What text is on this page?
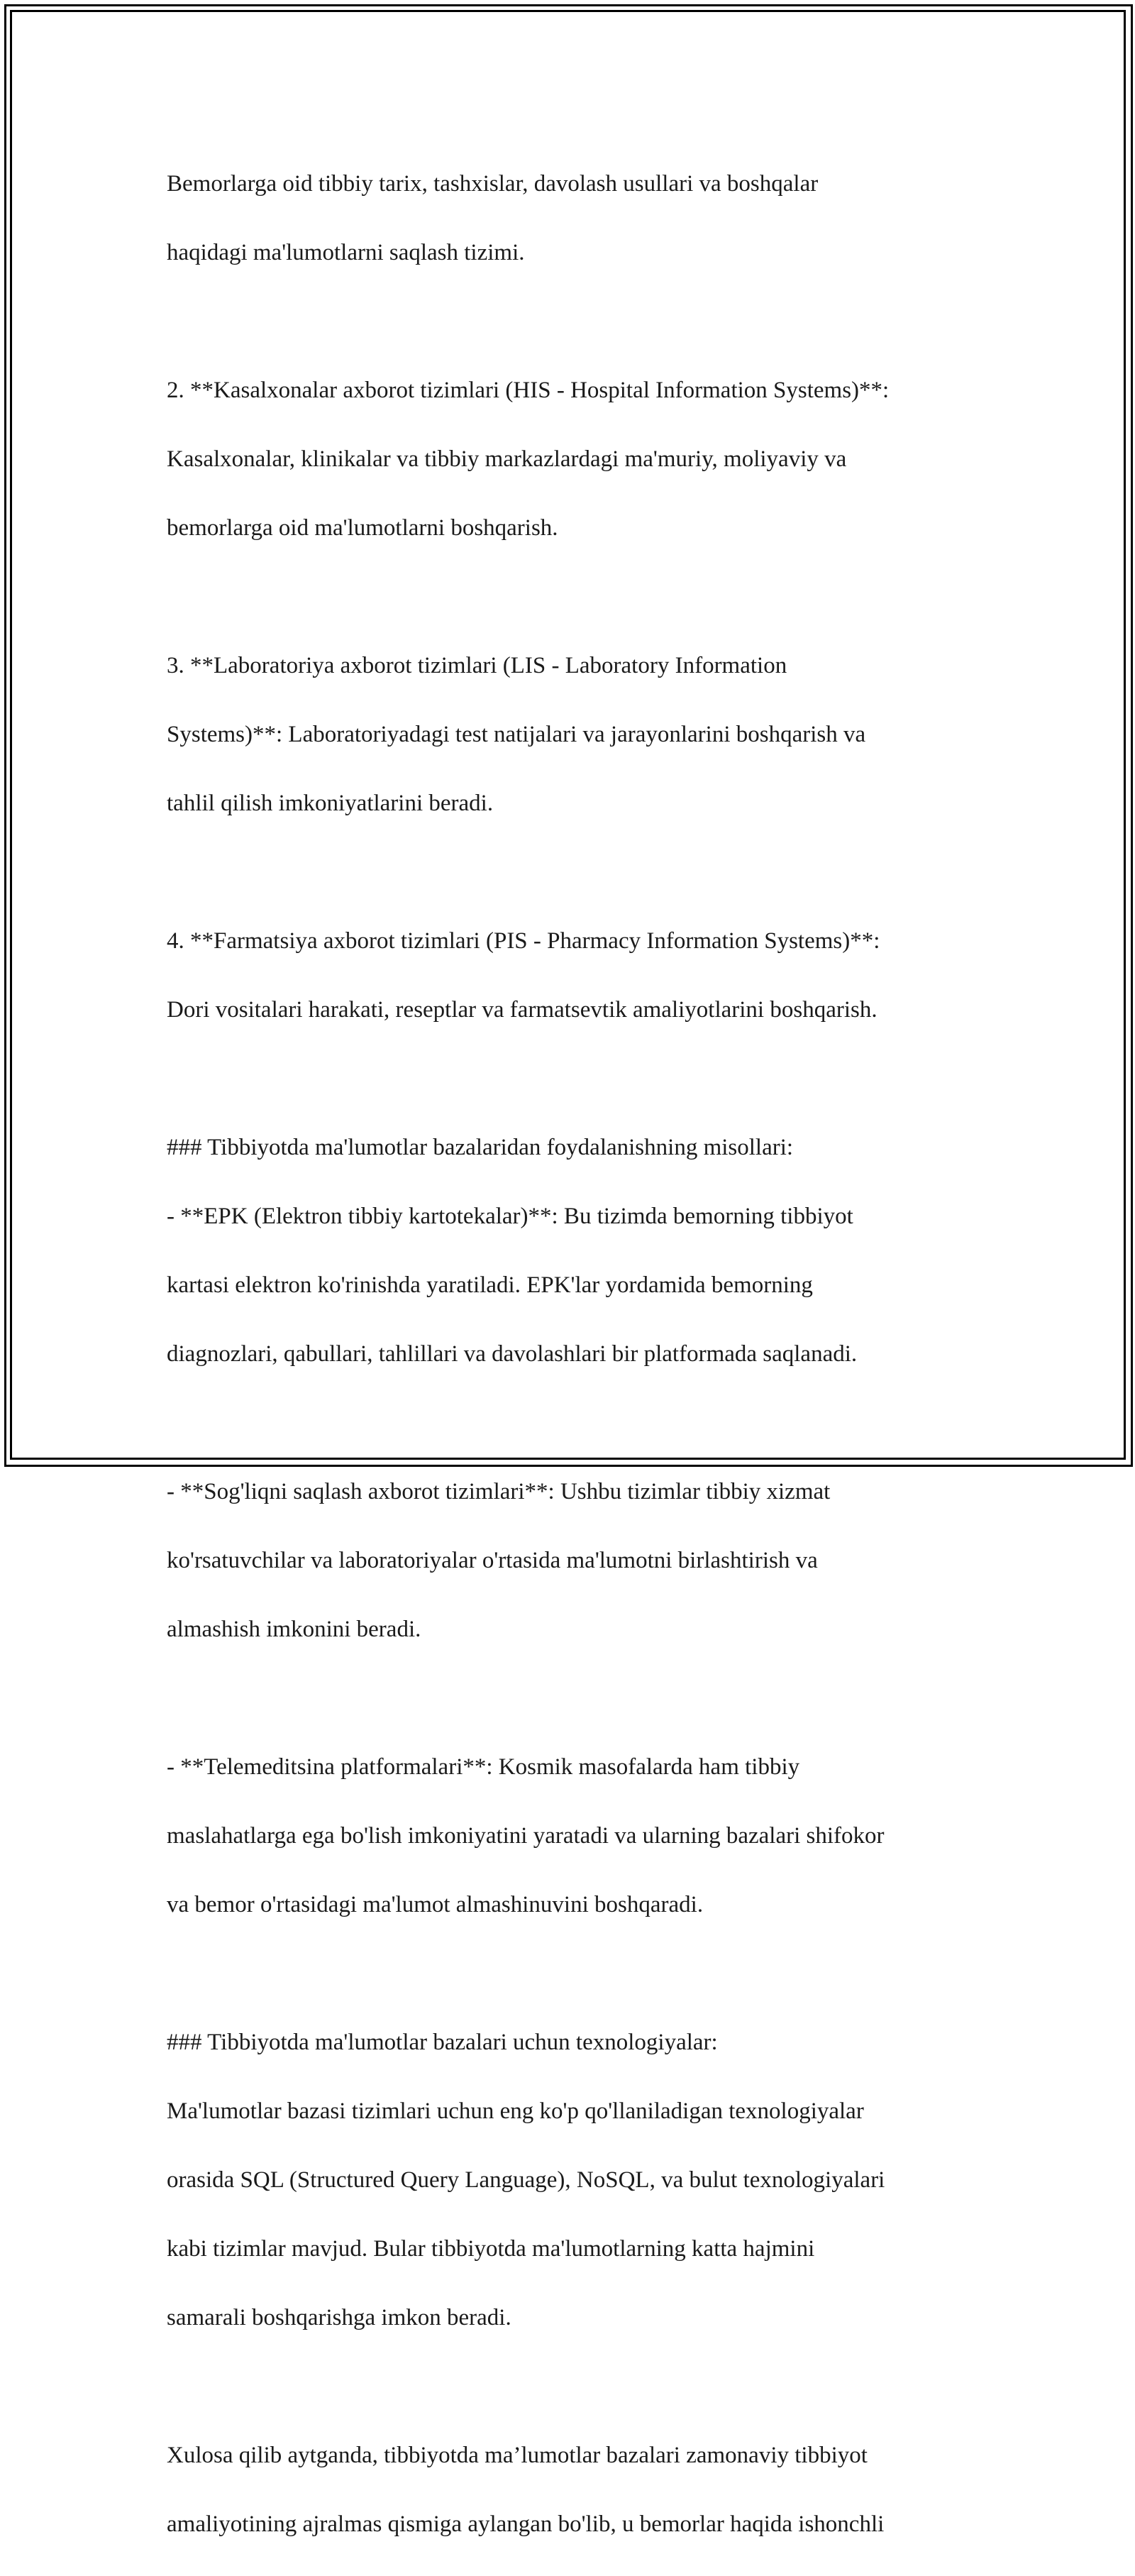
Bemorlarga oid tibbiy tarix, tashxislar, davolash usullari va boshqalar

haqidagi ma'lumotlarni saqlash tizimi.

2. **Kasalxonalar axborot tizimlari (HIS - Hospital Information Systems)**:

Kasalxonalar, klinikalar va tibbiy markazlardagi ma'muriy, moliyaviy va

bemorlarga oid ma'lumotlarni boshqarish.

3. **Laboratoriya axborot tizimlari (LIS - Laboratory Information

Systems)**: Laboratoriyadagi test natijalari va jarayonlarini boshqarish va

tahlil qilish imkoniyatlarini beradi.

4. **Farmatsiya axborot tizimlari (PIS - Pharmacy Information Systems)**:

Dori vositalari harakati, reseptlar va farmatsevtik amaliyotlarini boshqarish.

### Tibbiyotda ma'lumotlar bazalaridan foydalanishning misollari:

- **EPK (Elektron tibbiy kartotekalar)**: Bu tizimda bemorning tibbiyot

kartasi elektron ko'rinishda yaratiladi. EPK'lar yordamida bemorning

diagnozlari, qabullari, tahlillari va davolashlari bir platformada saqlanadi.

- **Sog'liqni saqlash axborot tizimlari**: Ushbu tizimlar tibbiy xizmat

ko'rsatuvchilar va laboratoriyalar o'rtasida ma'lumotni birlashtirish va

almashish imkonini beradi.

- **Telemeditsina platformalari**: Kosmik masofalarda ham tibbiy

maslahatlarga ega bo'lish imkoniyatini yaratadi va ularning bazalari shifokor

va bemor o'rtasidagi ma'lumot almashinuvini boshqaradi.

### Tibbiyotda ma'lumotlar bazalari uchun texnologiyalar:

Ma'lumotlar bazasi tizimlari uchun eng ko'p qo'llaniladigan texnologiyalar

orasida SQL (Structured Query Language), NoSQL, va bulut texnologiyalari

kabi tizimlar mavjud. Bular tibbiyotda ma'lumotlarning katta hajmini

samarali boshqarishga imkon beradi.

Xulosa qilib aytganda, tibbiyotda ma’lumotlar bazalari zamonaviy tibbiyot

amaliyotining ajralmas qismiga aylangan bo'lib, u bemorlar haqida ishonchli
